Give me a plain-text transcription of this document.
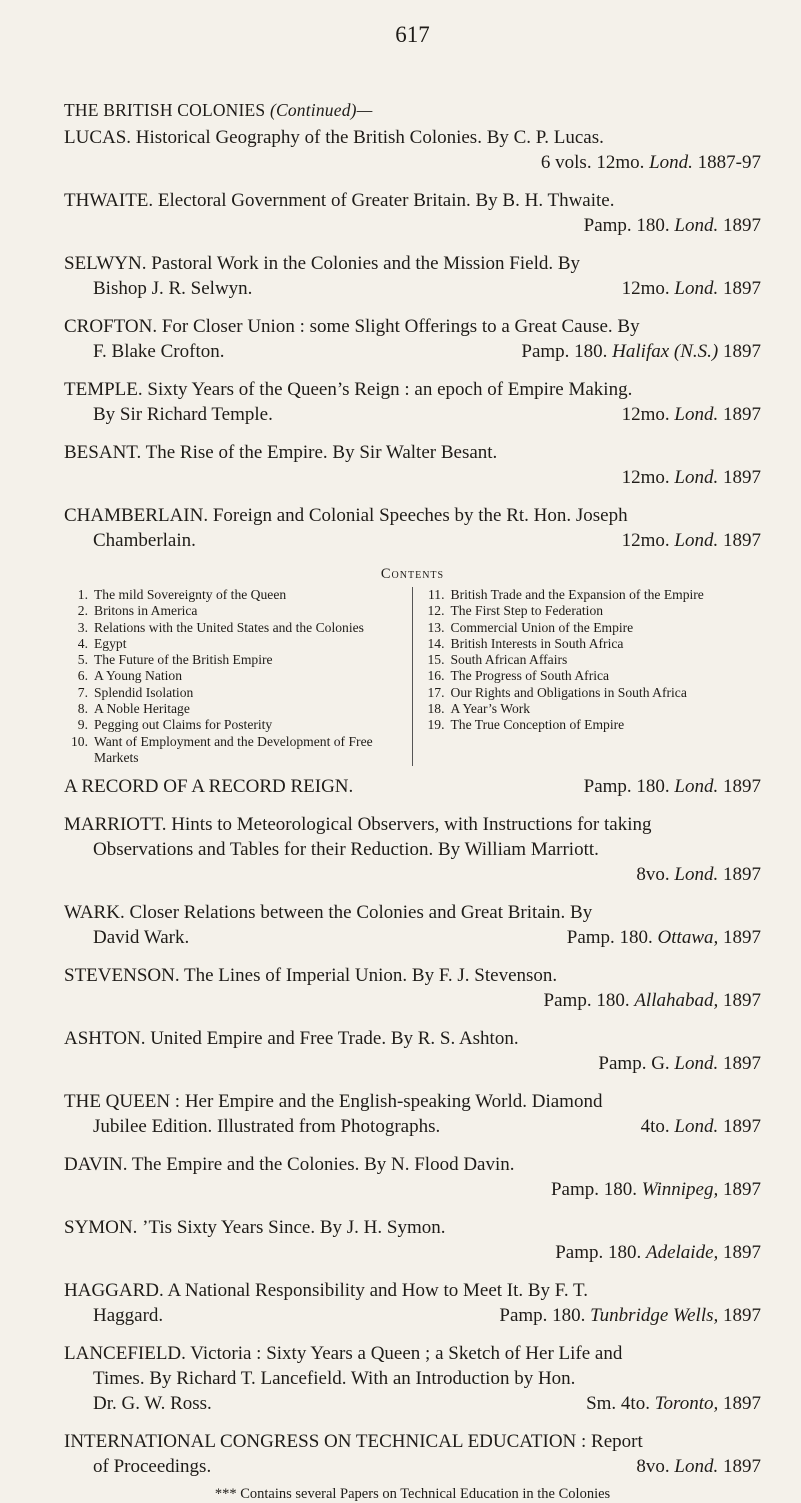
617
THE BRITISH COLONIES (Continued)—
LUCAS. Historical Geography of the British Colonies. By C. P. Lucas.
6 vols. 12mo. Lond. 1887-97
THWAITE. Electoral Government of Greater Britain. By B. H. Thwaite.
Pamp. 180. Lond. 1897
SELWYN. Pastoral Work in the Colonies and the Mission Field. By
Bishop J. R. Selwyn.	12mo. Lond. 1897
CROFTON. For Closer Union : some Slight Offerings to a Great Cause. By
F. Blake Crofton.	Pamp. 180. Halifax (N.S.) 1897
TEMPLE. Sixty Years of the Queen’s Reign : an epoch of Empire Making.
By Sir Richard Temple.	12mo. Lond. 1897
BESANT. The Rise of the Empire. By Sir Walter Besant.
12mo. Lond. 1897
CHAMBERLAIN. Foreign and Colonial Speeches by the Rt. Hon. Joseph
Chamberlain.	12mo. Lond. 1897
Contents
1. The mild Sovereignty of the Queen
2. Britons in America
3. Relations with the United States and the Colonies
4. Egypt
5. The Future of the British Empire
6. A Young Nation
7. Splendid Isolation
8. A Noble Heritage
9. Pegging out Claims for Posterity
10. Want of Employment and the Development of Free Markets
11. British Trade and the Expansion of the Empire
12. The First Step to Federation
13. Commercial Union of the Empire
14. British Interests in South Africa
15. South African Affairs
16. The Progress of South Africa
17. Our Rights and Obligations in South Africa
18. A Year’s Work
19. The True Conception of Empire
A RECORD OF A RECORD REIGN.	Pamp. 180. Lond. 1897
MARRIOTT. Hints to Meteorological Observers, with Instructions for taking
Observations and Tables for their Reduction. By William Marriott.
8vo. Lond. 1897
WARK. Closer Relations between the Colonies and Great Britain. By
David Wark.	Pamp. 180. Ottawa, 1897
STEVENSON. The Lines of Imperial Union. By F. J. Stevenson.
Pamp. 180. Allahabad, 1897
ASHTON. United Empire and Free Trade. By R. S. Ashton.
Pamp. G. Lond. 1897
THE QUEEN : Her Empire and the English-speaking World. Diamond
Jubilee Edition. Illustrated from Photographs.	4to. Lond. 1897
DAVIN. The Empire and the Colonies. By N. Flood Davin.
Pamp. 180. Winnipeg, 1897
SYMON. ’Tis Sixty Years Since. By J. H. Symon.
Pamp. 180. Adelaide, 1897
HAGGARD. A National Responsibility and How to Meet It. By F. T.
Haggard.	Pamp. 180. Tunbridge Wells, 1897
LANCEFIELD. Victoria : Sixty Years a Queen ; a Sketch of Her Life and
Times. By Richard T. Lancefield. With an Introduction by Hon.
Dr. G. W. Ross.	Sm. 4to. Toronto, 1897
INTERNATIONAL CONGRESS ON TECHNICAL EDUCATION : Report
of Proceedings.	8vo. Lond. 1897
*** Contains several Papers on Technical Education in the Colonies
